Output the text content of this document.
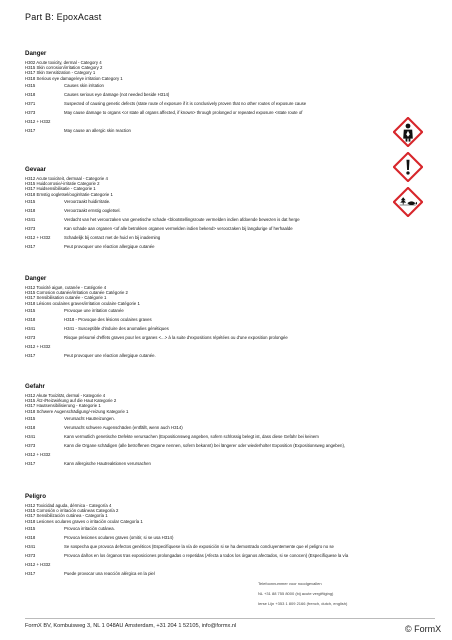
Part B: EpoxAcast
Danger
H302 Acute toxicity, dermal - Category 4
H315 Skin corrosion/irritation Category 2
H317 Skin Sensitization - Category 1
H318 Serious eye damage/eye irritation Category 1
H315	Causes skin irritation
H318	Causes serious eye damage (not needed beside H314)
H371	Suspected of causing genetic defects (state route of exposure if it is conclusively proven that no other routes of exposure cause
H373	May cause damage to organs <or state all organs affected, if known> through prolonged or repeated exposure <state route of
H312 + H332
H317	May cause an allergic skin reaction
Gevaar
H312 Acute toxiciteit, dermaal - Categorie 4
H315 Huidcorrosie/-irritatie Categorie 2
H317 Huidsensibilisatie - Categorie 1
H318 Ernstig oogletsel/oogirritatie Categorie 1
H315	Veroorzaakt huidirritatie.
H318	Veroorzaakt ernstig oogletsel.
H341	Verdacht van het veroorzaken van genetische schade <blootstellingsroute vermelden indien afdoende bewezen is dat herge
H373	Kan schade aan organen <of alle betrokken organen vermelden indien bekend> veroorzaken bij langdurige of herhaalde
H312 + H332	Schadelijk bij contact met de huid en bij inademing
H317	Peut provoquer une réaction allergique cutanée
Danger
H312 Toxicité aiguë, cutanée - Catégorie 4
H315 Corrosion cutanée/irritation cutanée Catégorie 2
H317 Sensibilisation cutanée - Catégorie 1
H318 Lésions oculaires graves/irritation oculaire Catégorie 1
H315	Provoque une irritation cutanée
H318	H318 - Provoque des lésions oculaires graves
H341	H341 - Susceptible d'induire des anomalies génétiques
H373	Risque présumé d'effets graves pour les organes <...> à la suite d'expositions répétées ou d'une exposition prolongée
H312 + H332
H317	Peut provoquer une réaction allergique cutanée.
Gefahr
H312 Akute Toxizität, dermal - Kategorie 4
H315 Ätz-/Reizwirkung auf die Haut Kategorie 2
H317 Hautsensibilisierung - Kategorie 1
H318 Schwere Augenschädigung/-reizung Kategorie 1
H315	Verursacht Hautreizungen.
H318	Verursacht schwere Augenschäden (entfällt, wenn auch H314)
H341	Kann vermutlich genetische Defekte verursachen (Expositionsweg angeben, sofern schlüssig belegt ist, dass diese Gefahr bei keinem
H373	Kann die Organe schädigen (alle betroffenen Organe nennen, sofern bekannt) bei längerer oder wiederholter Exposition (Expositionsweg angeben),
H312 + H332
H317	Kann allergische Hautreaktionen verursachen
Peligro
H312 Toxicidad aguda, dérmica - Categoría 4
H315 Corrosión o irritación cutáneas Categoría 2
H317 Sensibilización cutánea - Categoría 1
H318 Lesiones oculares graves o irritación ocular Categoría 1
H315	Provoca irritación cutánea.
H318	Provoca lesiones oculares graves (omitir, si se usa H314)
H341	Se sospecha que provoca defectos genéticos (Especifíquese la vía de exposición si se ha demostrado concluyentemente que el peligro no se
H373	Provoca daños en los órganos tras exposiciones prolongadas o repetidas (Afecta a todos los órganos afectados, si se conocen) (Especifíquese la vía
H312 + H332
H317	Puede provocar una reacción alérgica en la piel
Telefoonnummer voor noodgevallen
NL +31 88 755 8000 (bij acute vergiftiging)
Ierse Lijn +353 1 809 2166 (french, dutch, english)
FormX BV, Kombuisweg 3, NL 1 048AU Amsterdam, +31 204 1 52105, info@formx.nl	© FormX
